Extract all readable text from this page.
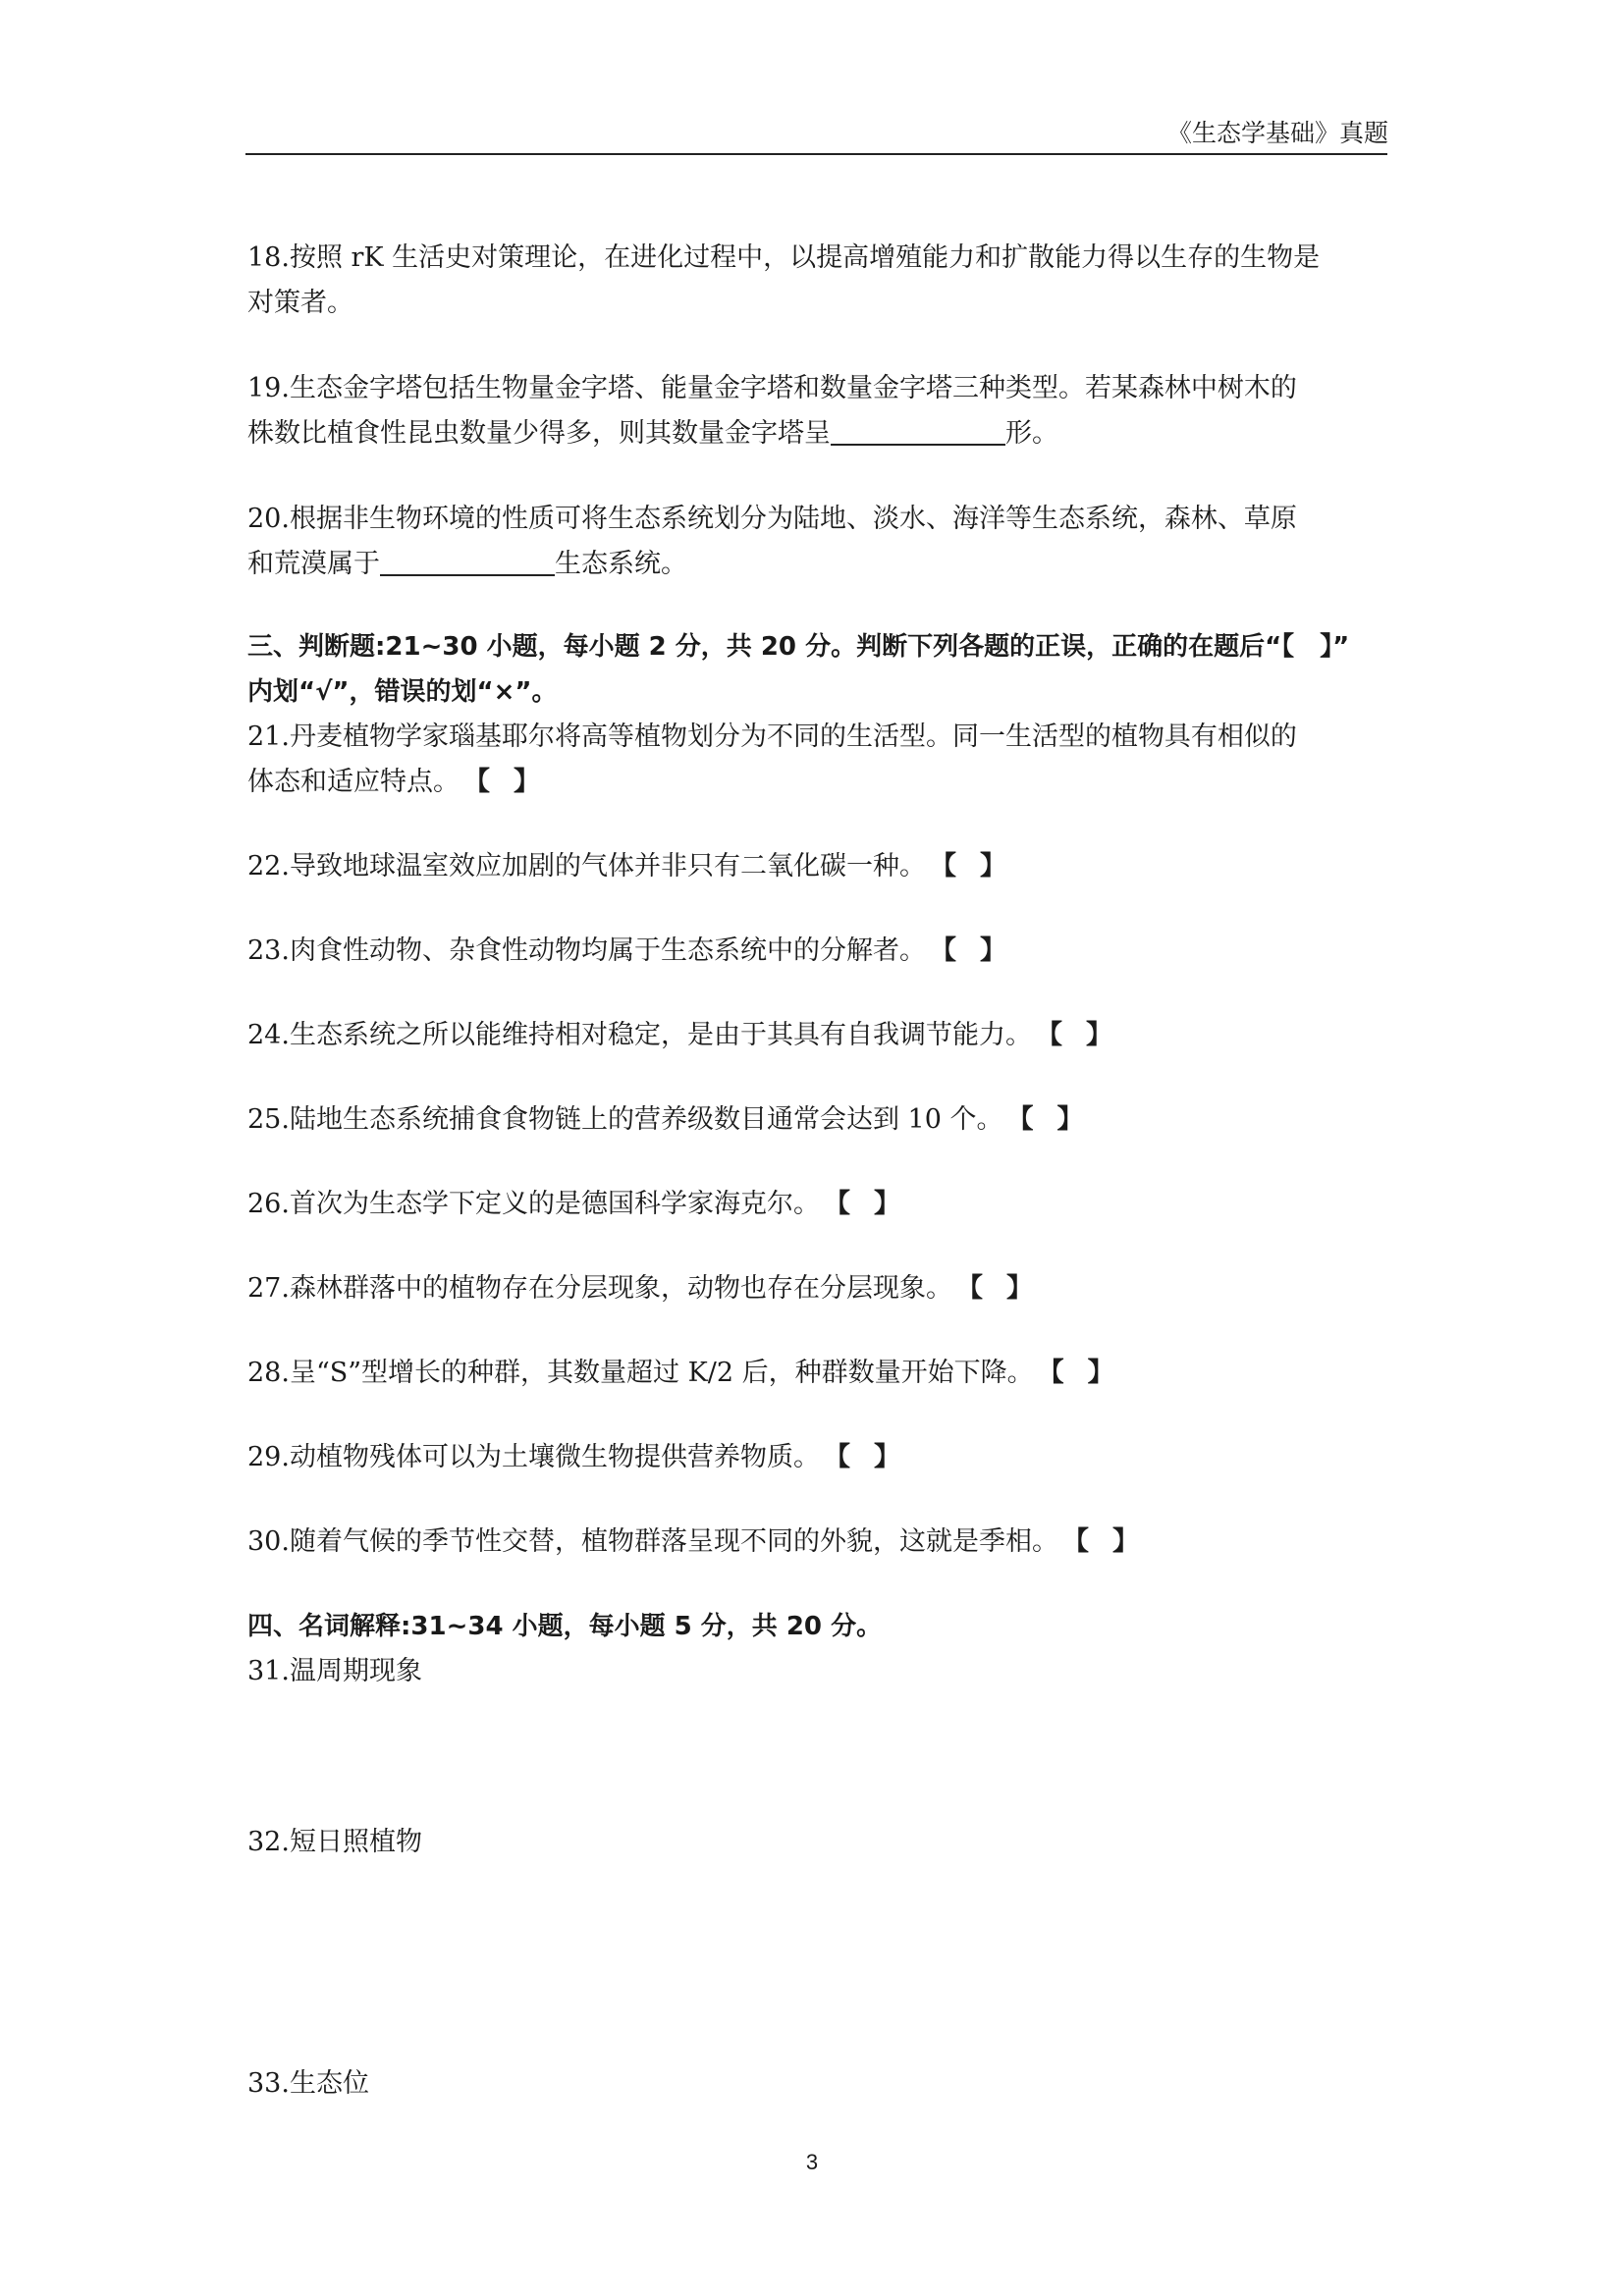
《生态学基础》真题
18.按照 rK 生活史对策理论，在进化过程中，以提高增殖能力和扩散能力得以生存的生物是
对策者。
19.生态金字塔包括生物量金字塔、能量金字塔和数量金字塔三种类型。若某森林中树木的
株数比植食性昆虫数量少得多，则其数量金字塔呈	形。
20.根据非生物环境的性质可将生态系统划分为陆地、淡水、海洋等生态系统，森林、草原
和荒漠属于	生态系统。
三、判断题:21~30 小题，每小题 2 分，共 20 分。判断下列各题的正误，正确的在题后“【　】”
内划“√”，错误的划“×”。
21.丹麦植物学家瑙基耶尔将高等植物划分为不同的生活型。同一生活型的植物具有相似的
体态和适应特点。 【】
22.导致地球温室效应加剧的气体并非只有二氧化碳一种。 【】
23.肉食性动物、杂食性动物均属于生态系统中的分解者。 【】
24.生态系统之所以能维持相对稳定，是由于其具有自我调节能力。 【】
25.陆地生态系统捕食食物链上的营养级数目通常会达到 10 个。 【】
26.首次为生态学下定义的是德国科学家海克尔。 【】
27.森林群落中的植物存在分层现象，动物也存在分层现象。 【】
28.呈“S”型增长的种群，其数量超过 K/2 后，种群数量开始下降。 【】
29.动植物残体可以为土壤微生物提供营养物质。 【】
30.随着气候的季节性交替，植物群落呈现不同的外貌，这就是季相。 【】
四、名词解释:31~34 小题，每小题 5 分，共 20 分。
31.温周期现象
32.短日照植物
33.生态位
3
